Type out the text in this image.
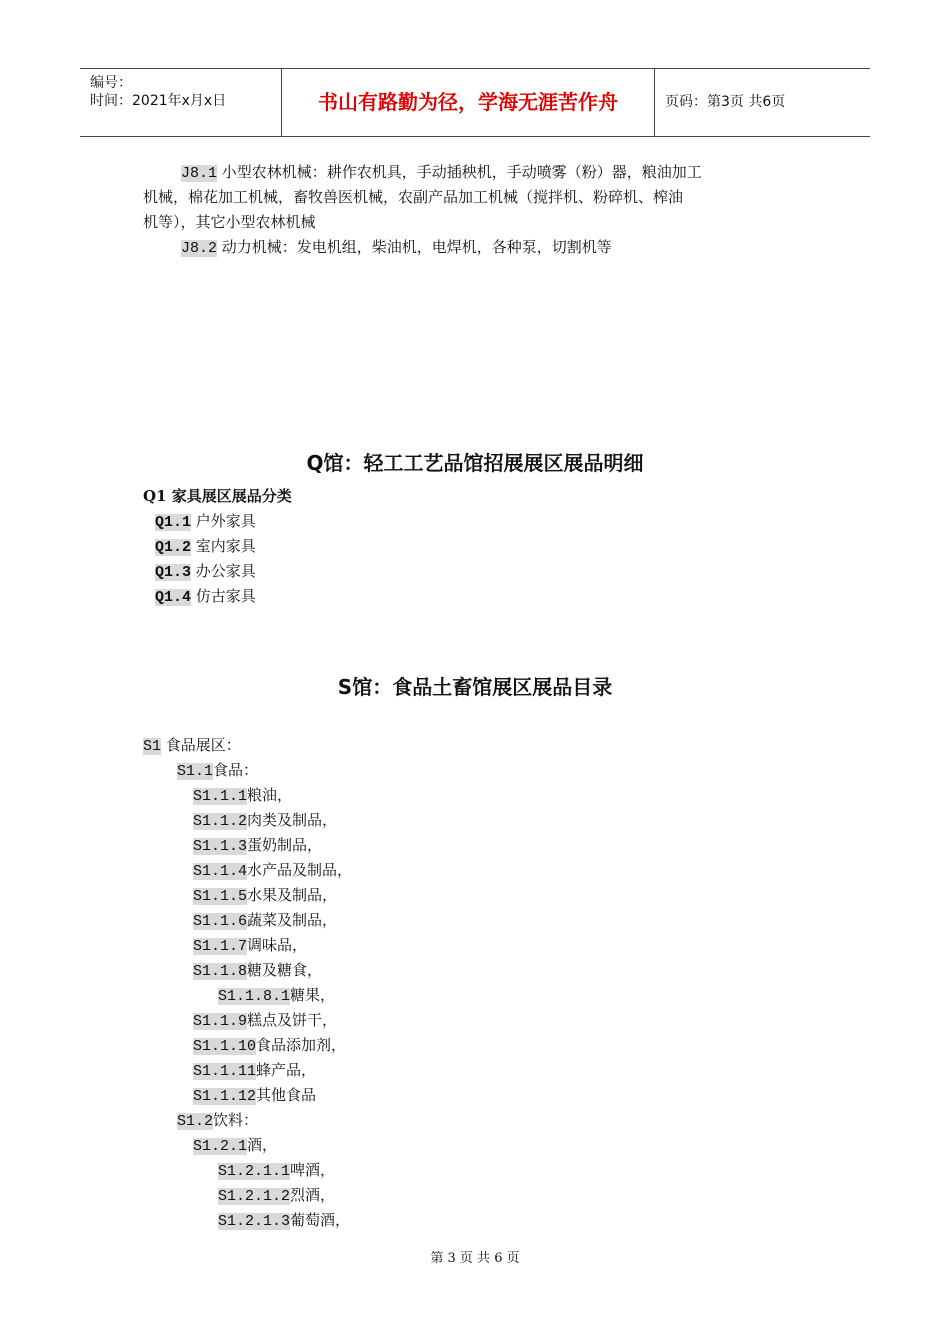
编号：
时间：2021年x月x日	书山有路勤为径，学海无涯苦作舟	页码：第3页 共6页
J8.1 小型农林机械：耕作农机具，手动插秧机，手动喷雾（粉）器，粮油加工
机械，棉花加工机械，畜牧兽医机械，农副产品加工机械（搅拌机、粉碎机、榨油
机等），其它小型农林机械
J8.2 动力机械：发电机组，柴油机，电焊机，各种泵，切割机等
Q馆：轻工工艺品馆招展展区展品明细
Q1 家具展区展品分类
Q1.1 户外家具
Q1.2 室内家具
Q1.3 办公家具
Q1.4 仿古家具
S馆：食品土畜馆展区展品目录
S1 食品展区：
S1.1食品：
S1.1.1粮油，
S1.1.2肉类及制品，
S1.1.3蛋奶制品，
S1.1.4水产品及制品，
S1.1.5水果及制品，
S1.1.6蔬菜及制品，
S1.1.7调味品，
S1.1.8糖及糖食，
S1.1.8.1糖果，
S1.1.9糕点及饼干，
S1.1.10食品添加剂，
S1.1.11蜂产品，
S1.1.12其他食品
S1.2饮料：
S1.2.1酒，
S1.2.1.1啤酒，
S1.2.1.2烈酒，
S1.2.1.3葡萄酒，
第 3 页 共 6 页
